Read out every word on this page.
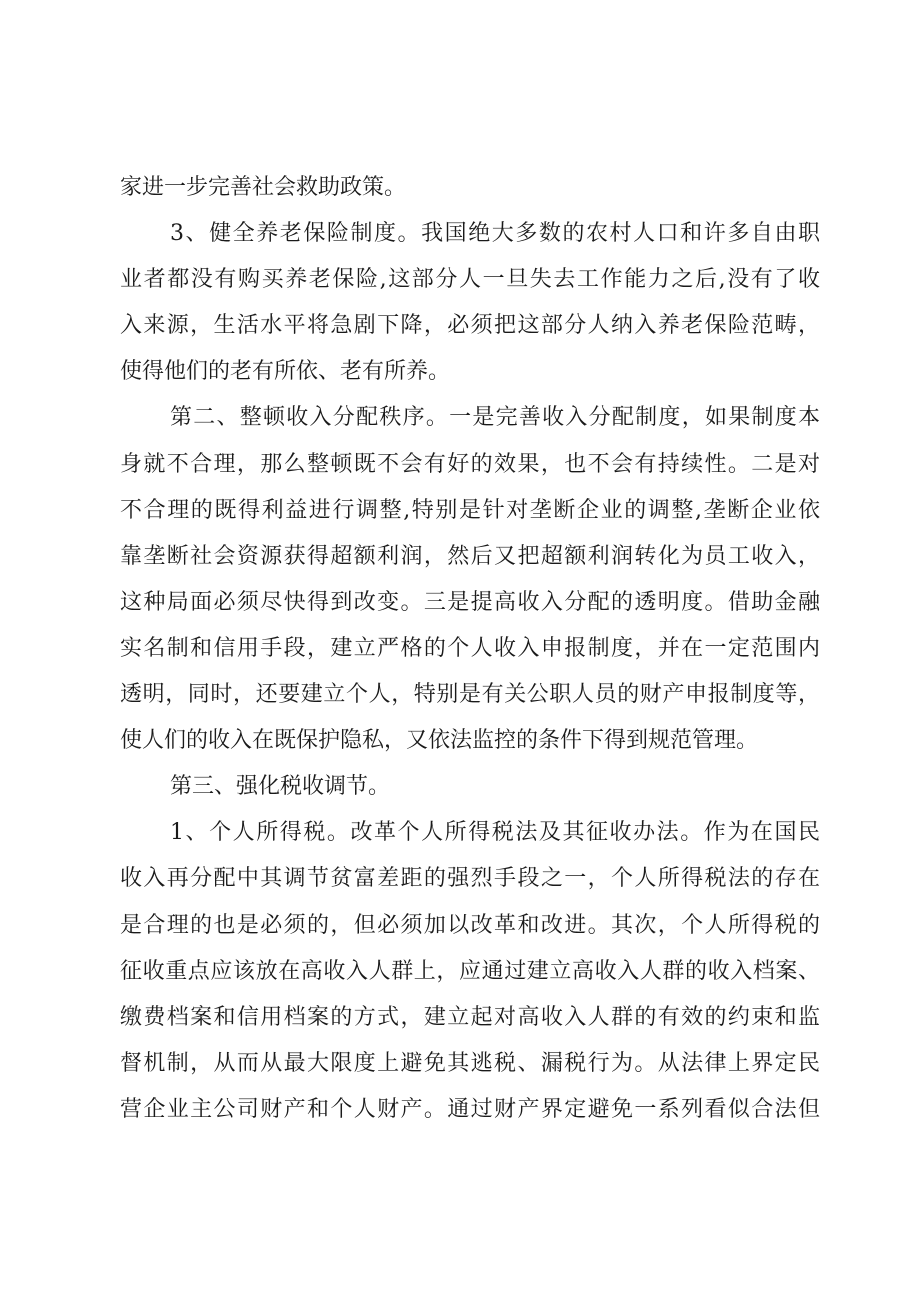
家进一步完善社会救助政策。

3、健全养老保险制度。我国绝大多数的农村人口和许多自由职
业者都没有购买养老保险,这部分人一旦失去工作能力之后,没有了收
入来源，生活水平将急剧下降，必须把这部分人纳入养老保险范畴，
使得他们的老有所依、老有所养。

第二、整顿收入分配秩序。一是完善收入分配制度，如果制度本
身就不合理，那么整顿既不会有好的效果，也不会有持续性。二是对
不合理的既得利益进行调整,特别是针对垄断企业的调整,垄断企业依
靠垄断社会资源获得超额利润，然后又把超额利润转化为员工收入，
这种局面必须尽快得到改变。三是提高收入分配的透明度。借助金融
实名制和信用手段，建立严格的个人收入申报制度，并在一定范围内
透明，同时，还要建立个人，特别是有关公职人员的财产申报制度等，
使人们的收入在既保护隐私，又依法监控的条件下得到规范管理。

第三、强化税收调节。

1、个人所得税。改革个人所得税法及其征收办法。作为在国民
收入再分配中其调节贫富差距的强烈手段之一，个人所得税法的存在
是合理的也是必须的，但必须加以改革和改进。其次，个人所得税的
征收重点应该放在高收入人群上，应通过建立高收入人群的收入档案、
缴费档案和信用档案的方式，建立起对高收入人群的有效的约束和监
督机制，从而从最大限度上避免其逃税、漏税行为。从法律上界定民
营企业主公司财产和个人财产。通过财产界定避免一系列看似合法但
